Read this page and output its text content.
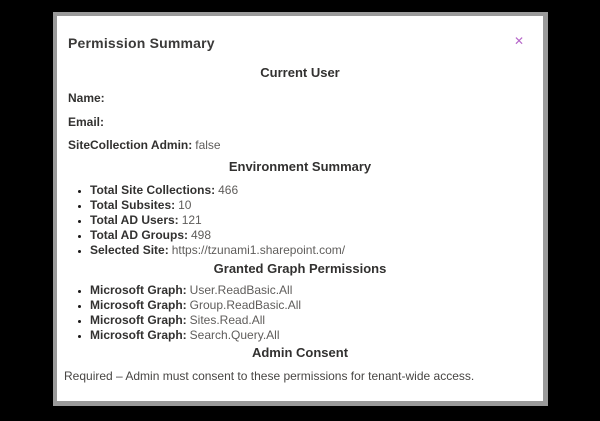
Permission Summary	✕
Current User
Name:
Email:
SiteCollection Admin: false
Environment Summary
• Total Site Collections: 466
• Total Subsites: 10
• Total AD Users: 121
• Total AD Groups: 498
• Selected Site: https://tzunami1.sharepoint.com/
Granted Graph Permissions
• Microsoft Graph: User.ReadBasic.All
• Microsoft Graph: Group.ReadBasic.All
• Microsoft Graph: Sites.Read.All
• Microsoft Graph: Search.Query.All
Admin Consent
Required – Admin must consent to these permissions for tenant-wide access.
